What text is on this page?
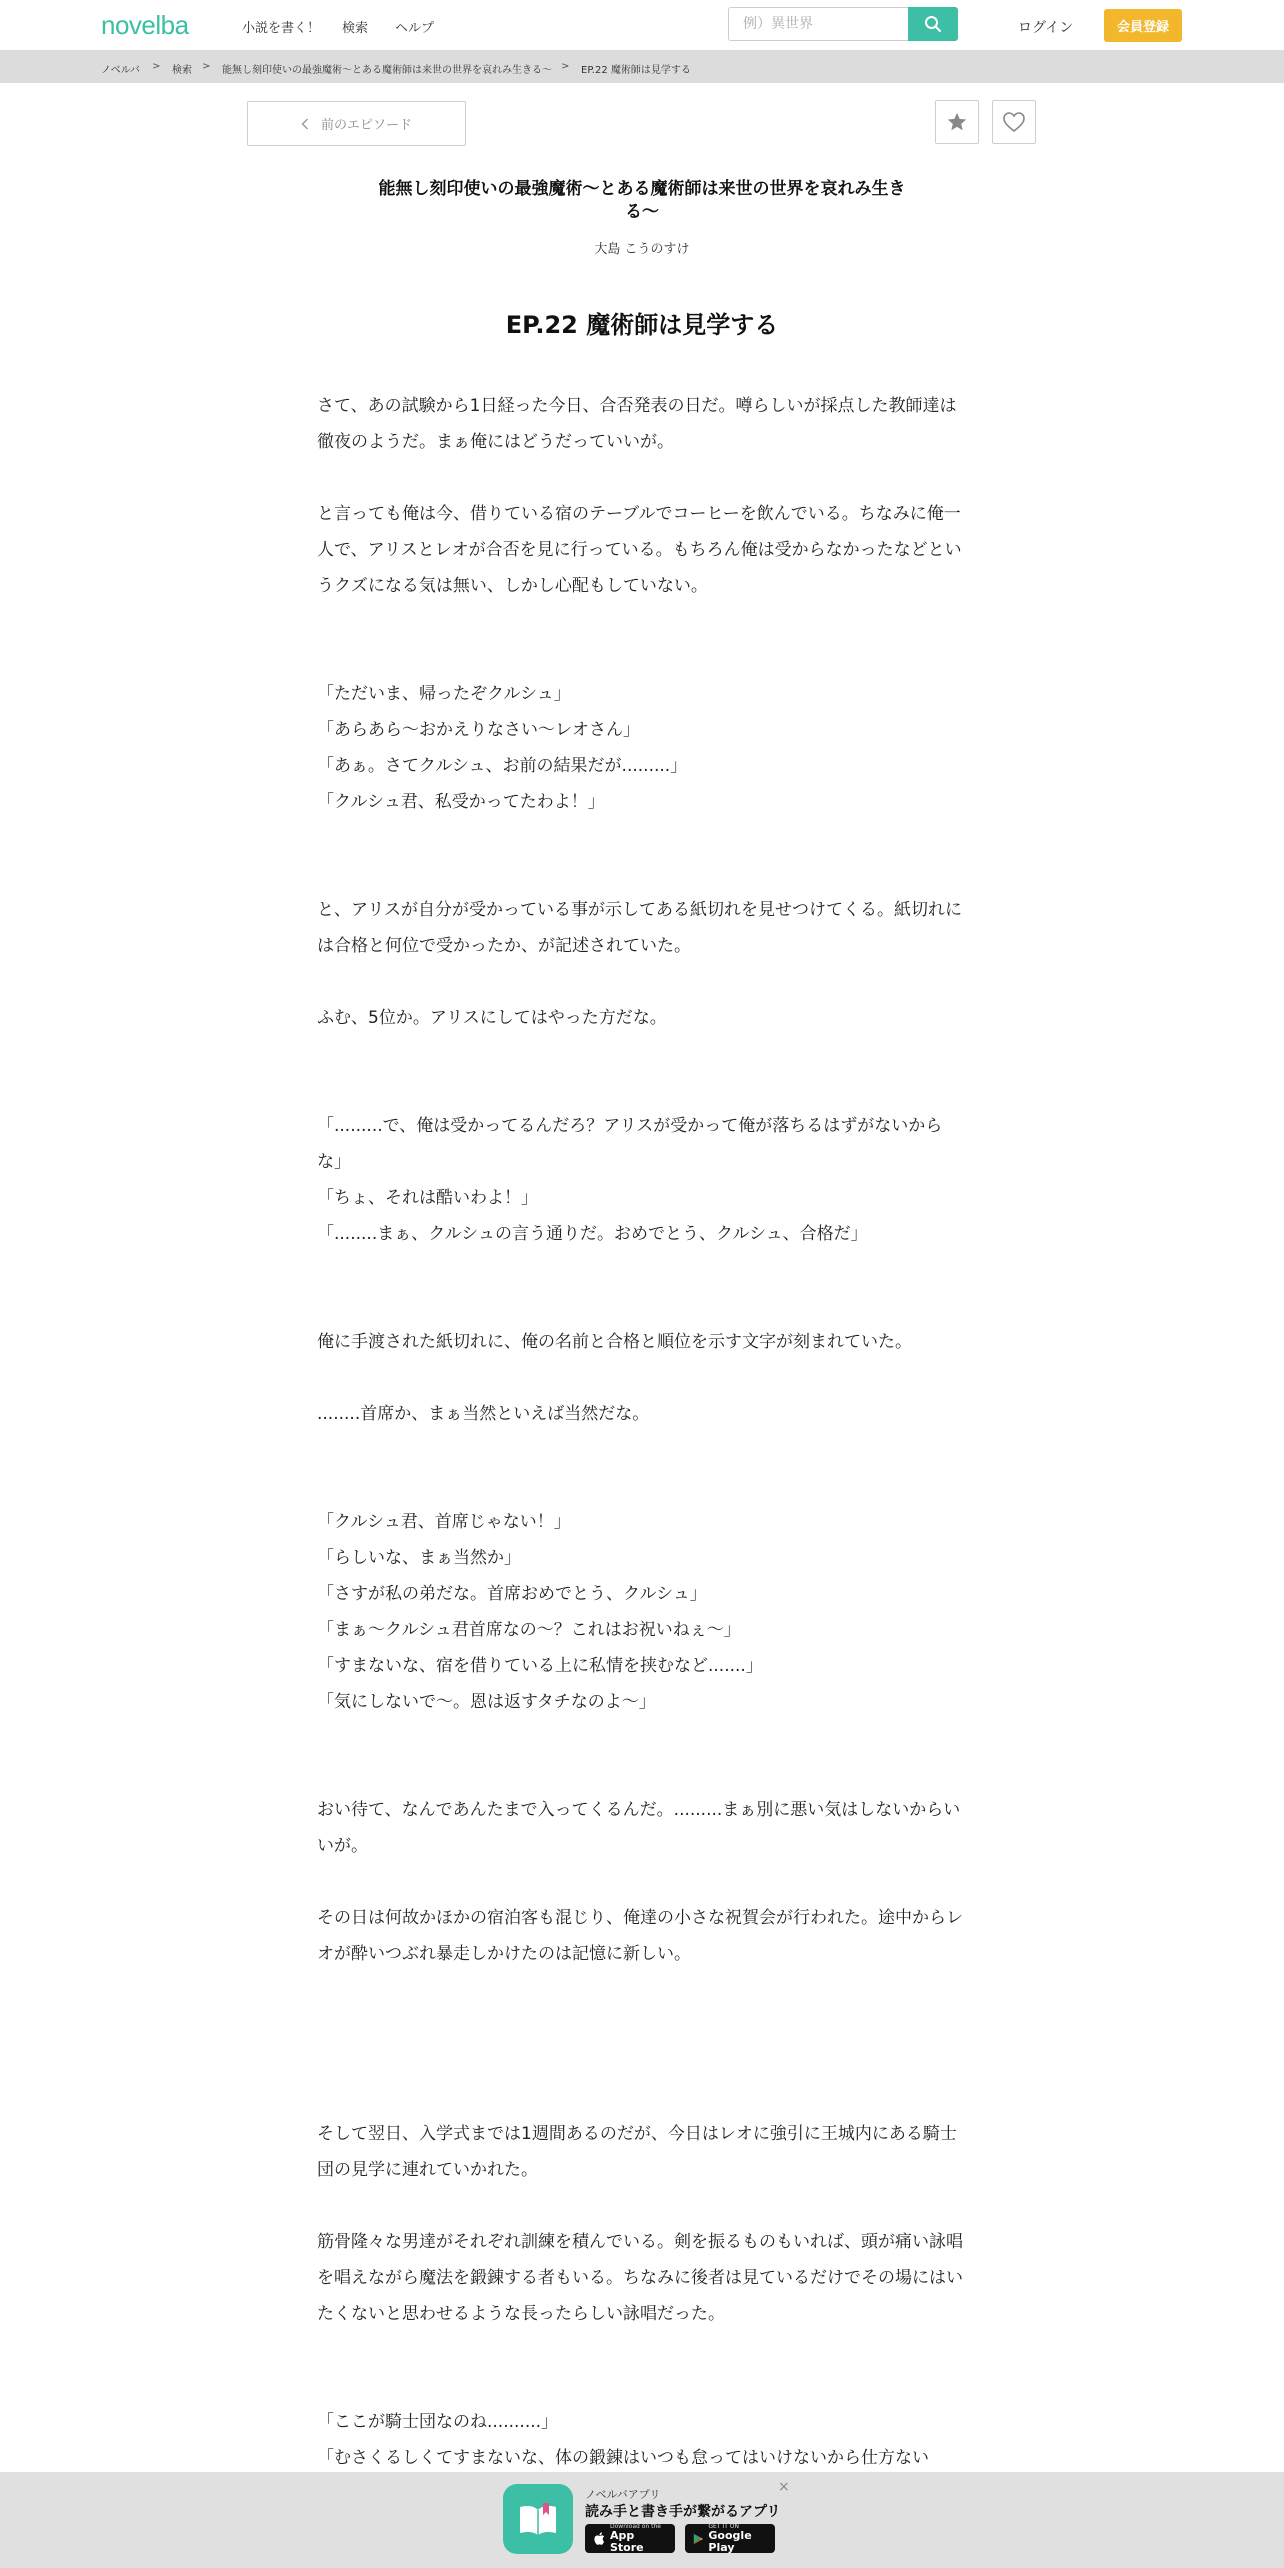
novelba	小説を書く！ 検索 ヘルプ
例）異世界	ログイン	会員登録
ノベルバ > 検索 > 能無し刻印使いの最強魔術〜とある魔術師は来世の世界を哀れみ生きる〜 > EP.22 魔術師は見学する
前のエピソード
能無し刻印使いの最強魔術〜とある魔術師は来世の世界を哀れみ生きる〜
大島 こうのすけ
EP.22 魔術師は見学する

さて、あの試験から1日経った今日、合否発表の日だ。噂らしいが採点した教師達は徹夜のようだ。まぁ俺にはどうだっていいが。

と言っても俺は今、借りている宿のテーブルでコーヒーを飲んでいる。ちなみに俺一人で、アリスとレオが合否を見に行っている。もちろん俺は受からなかったなどというクズになる気は無い、しかし心配もしていない。

「ただいま、帰ったぞクルシュ」

「あらあら〜おかえりなさい〜レオさん」

「あぁ。さてクルシュ、お前の結果だが.........」

「クルシュ君、私受かってたわよ！」

と、アリスが自分が受かっている事が示してある紙切れを見せつけてくる。紙切れには合格と何位で受かったか、が記述されていた。

ふむ、5位か。アリスにしてはやった方だな。

「.........で、俺は受かってるんだろ？アリスが受かって俺が落ちるはずがないからな」

「ちょ、それは酷いわよ！」

「........まぁ、クルシュの言う通りだ。おめでとう、クルシュ、合格だ」

俺に手渡された紙切れに、俺の名前と合格と順位を示す文字が刻まれていた。

........首席か、まぁ当然といえば当然だな。

「クルシュ君、首席じゃない！」

「らしいな、まぁ当然か」

「さすが私の弟だな。首席おめでとう、クルシュ」

「まぁ〜クルシュ君首席なの〜？これはお祝いねぇ〜」

「すまないな、宿を借りている上に私情を挟むなど.......」

「気にしないで〜。恩は返すタチなのよ〜」

おい待て、なんであんたまで入ってくるんだ。.........まぁ別に悪い気はしないからいいが。

その日は何故かほかの宿泊客も混じり、俺達の小さな祝賀会が行われた。途中からレオが酔いつぶれ暴走しかけたのは記憶に新しい。

そして翌日、入学式までは1週間あるのだが、今日はレオに強引に王城内にある騎士団の見学に連れていかれた。

筋骨隆々な男達がそれぞれ訓練を積んでいる。剣を振るものもいれば、頭が痛い詠唱を唱えながら魔法を鍛錬する者もいる。ちなみに後者は見ているだけでその場にはいたくないと思わせるような長ったらしい詠唱だった。

「ここが騎士団なのね..........」

「むさくるしくてすまないな、体の鍛錬はいつも怠ってはいけないから仕方ない

ノベルバアプリ
読み手と書き手が繋がるアプリ
Download on the
App Store
GET IT ON
Google Play
×
